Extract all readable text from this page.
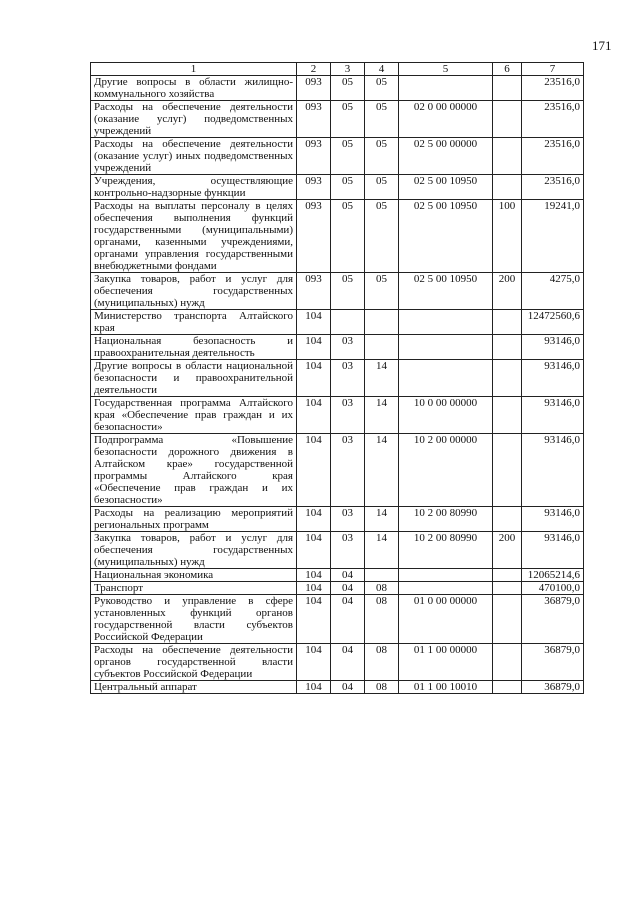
171
1	2	3	4	5	6	7
Другие вопросы в области жилищно-коммунального хозяйства	093	05	05			23516,0
Расходы на обеспечение деятельности (оказание услуг) подведомственных учреждений	093	05	05	02 0 00 00000		23516,0
Расходы на обеспечение деятельности (оказание услуг) иных подведомственных учреждений	093	05	05	02 5 00 00000		23516,0
Учреждения, осуществляющие контрольно-надзорные функции	093	05	05	02 5 00 10950		23516,0
Расходы на выплаты персоналу в целях обеспечения выполнения функций государственными (муниципальными) органами, казенными учреждениями, органами управления государственными внебюджетными фондами	093	05	05	02 5 00 10950	100	19241,0
Закупка товаров, работ и услуг для обеспечения государственных (муниципальных) нужд	093	05	05	02 5 00 10950	200	4275,0
Министерство транспорта Алтайского края	104					12472560,6
Национальная безопасность и правоохранительная деятельность	104	03				93146,0
Другие вопросы в области национальной безопасности и правоохранительной деятельности	104	03	14			93146,0
Государственная программа Алтайского края «Обеспечение прав граждан и их безопасности»	104	03	14	10 0 00 00000		93146,0
Подпрограмма «Повышение безопасности дорожного движения в Алтайском крае» государственной программы Алтайского края «Обеспечение прав граждан и их безопасности»	104	03	14	10 2 00 00000		93146,0
Расходы на реализацию мероприятий региональных программ	104	03	14	10 2 00 80990		93146,0
Закупка товаров, работ и услуг для обеспечения государственных (муниципальных) нужд	104	03	14	10 2 00 80990	200	93146,0
Национальная экономика	104	04				12065214,6
Транспорт	104	04	08			470100,0
Руководство и управление в сфере установленных функций органов государственной власти субъектов Российской Федерации	104	04	08	01 0 00 00000		36879,0
Расходы на обеспечение деятельности органов государственной власти субъектов Российской Федерации	104	04	08	01 1 00 00000		36879,0
Центральный аппарат	104	04	08	01 1 00 10010		36879,0
